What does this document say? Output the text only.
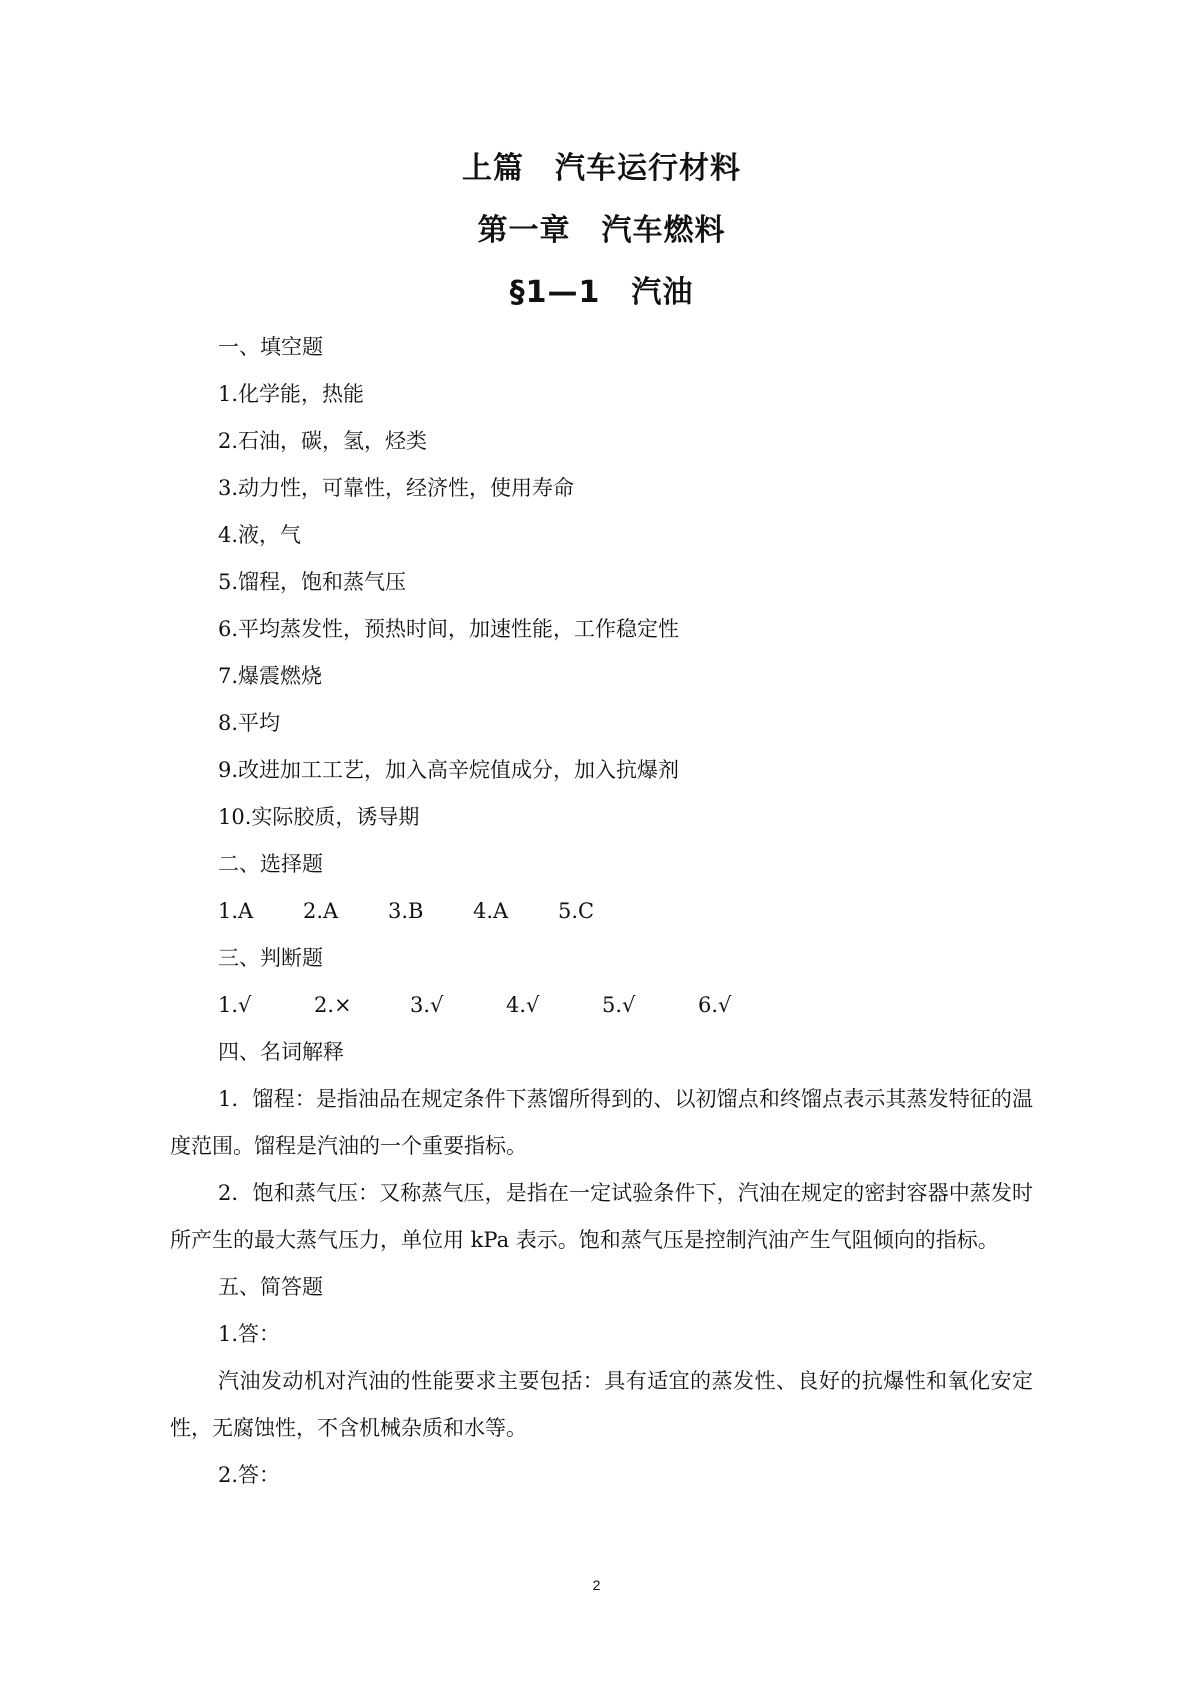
上篇　汽车运行材料
第一章　汽车燃料
§1—1　汽油
一、填空题
1.化学能，热能
2.石油，碳，氢，烃类
3.动力性，可靠性，经济性，使用寿命
4.液，气
5.馏程，饱和蒸气压
6.平均蒸发性，预热时间，加速性能，工作稳定性
7.爆震燃烧
8.平均
9.改进加工工艺，加入高辛烷值成分，加入抗爆剂
10.实际胶质，诱导期
二、选择题
1.A 2.A 3.B 4.A 5.C
三、判断题
1.√	2.×	3.√	4.√	5.√	6.√
四、名词解释

1．馏程：是指油品在规定条件下蒸馏所得到的、以初馏点和终馏点表示其蒸发特征的温度范围。馏程是汽油的一个重要指标。

2．饱和蒸气压：又称蒸气压，是指在一定试验条件下，汽油在规定的密封容器中蒸发时所产生的最大蒸气压力，单位用 kPa 表示。饱和蒸气压是控制汽油产生气阻倾向的指标。

五、简答题
1.答：

汽油发动机对汽油的性能要求主要包括：具有适宜的蒸发性、良好的抗爆性和氧化安定性，无腐蚀性，不含机械杂质和水等。

2.答：
2
